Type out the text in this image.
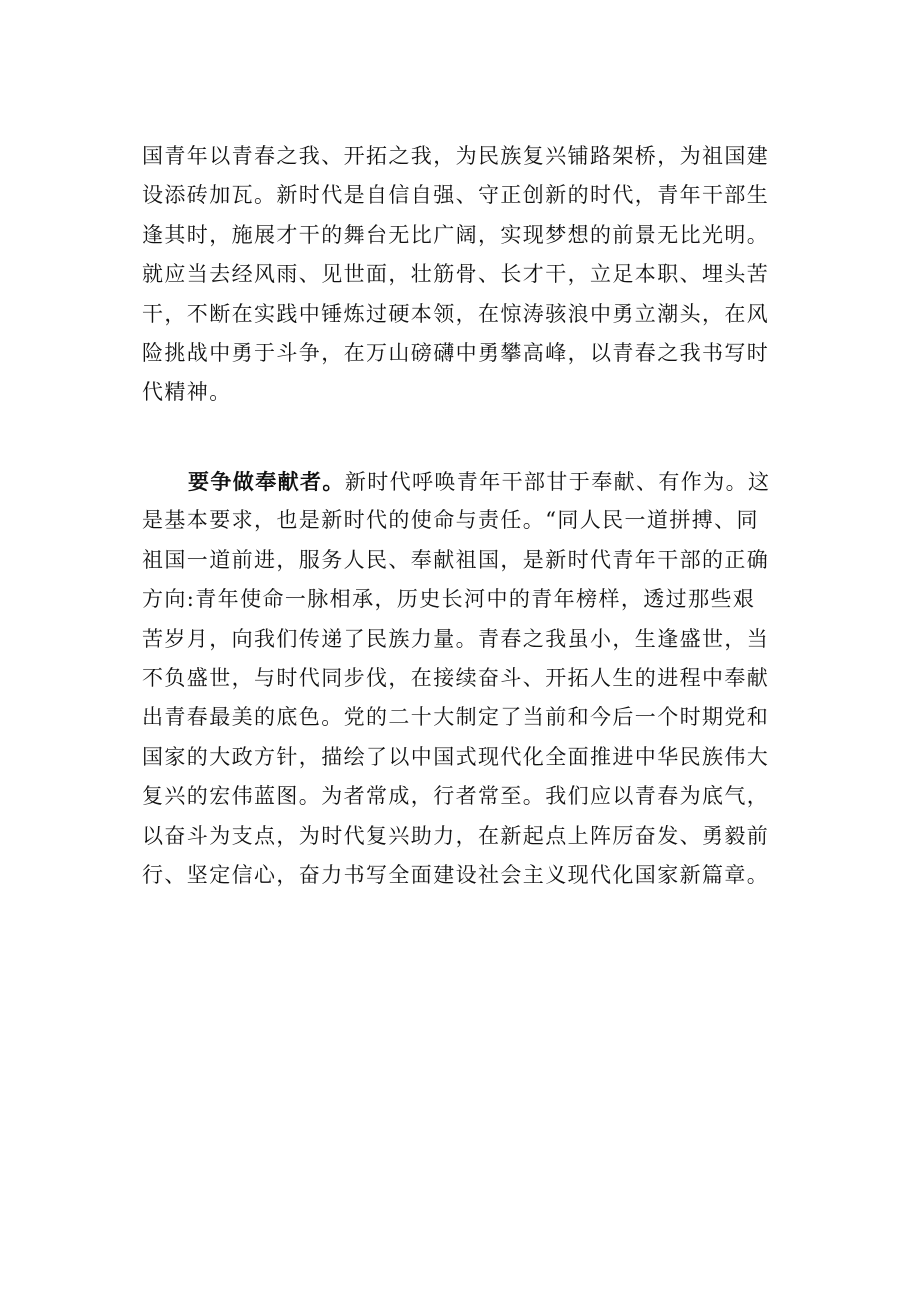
国青年以青春之我、开拓之我，为民族复兴铺路架桥，为祖国建
设添砖加瓦。新时代是自信自强、守正创新的时代，青年干部生
逢其时，施展才干的舞台无比广阔，实现梦想的前景无比光明。
就应当去经风雨、见世面，壮筋骨、长才干，立足本职、埋头苦
干，不断在实践中锤炼过硬本领，在惊涛骇浪中勇立潮头，在风
险挑战中勇于斗争，在万山磅礴中勇攀高峰，以青春之我书写时
代精神。
要争做奉献者。新时代呼唤青年干部甘于奉献、有作为。这
是基本要求，也是新时代的使命与责任。“同人民一道拼搏、同
祖国一道前进，服务人民、奉献祖国，是新时代青年干部的正确
方向:青年使命一脉相承，历史长河中的青年榜样，透过那些艰
苦岁月，向我们传递了民族力量。青春之我虽小，生逢盛世，当
不负盛世，与时代同步伐，在接续奋斗、开拓人生的进程中奉献
出青春最美的底色。党的二十大制定了当前和今后一个时期党和
国家的大政方针，描绘了以中国式现代化全面推进中华民族伟大
复兴的宏伟蓝图。为者常成，行者常至。我们应以青春为底气，
以奋斗为支点，为时代复兴助力，在新起点上阵厉奋发、勇毅前
行、坚定信心，奋力书写全面建设社会主义现代化国家新篇章。
